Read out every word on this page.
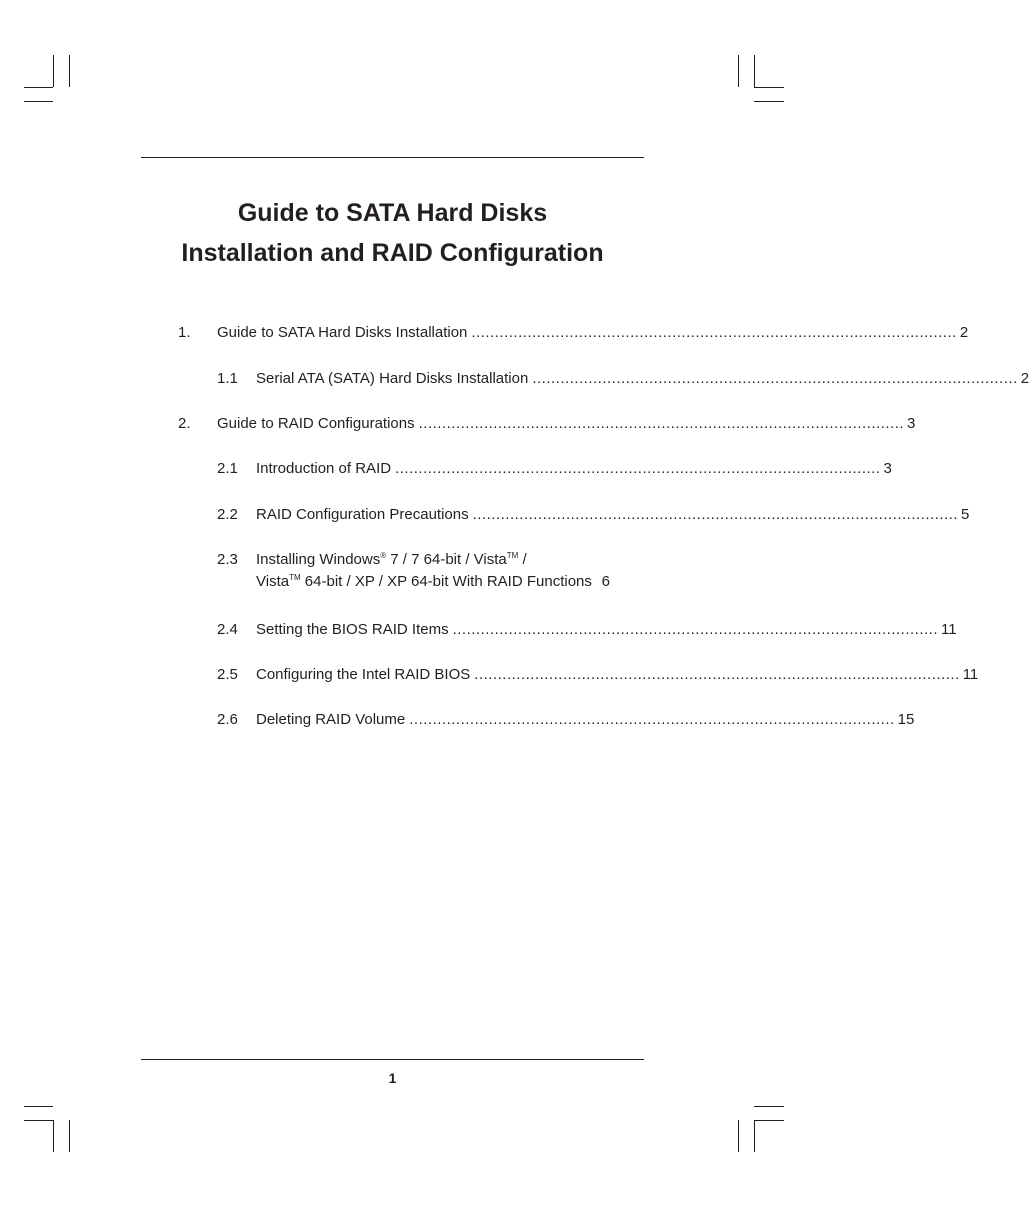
Guide to SATA Hard Disks
Installation and RAID Configuration
1. Guide to SATA Hard Disks Installation ........................................................................................................ 2
1.1 Serial ATA (SATA) Hard Disks Installation ........................................................................................................ 2
2. Guide to RAID Configurations ........................................................................................................ 3
2.1 Introduction of RAID ........................................................................................................ 3
2.2 RAID Configuration Precautions ........................................................................................................ 5
2.3 Installing Windows® 7 / 7 64-bit / Vista™ /
Vista™ 64-bit / XP / XP 64-bit With RAID Functions 6
2.4 Setting the BIOS RAID Items ........................................................................................................ 11
2.5 Configuring the Intel RAID BIOS ........................................................................................................ 11
2.6 Deleting RAID Volume ........................................................................................................ 15
1
